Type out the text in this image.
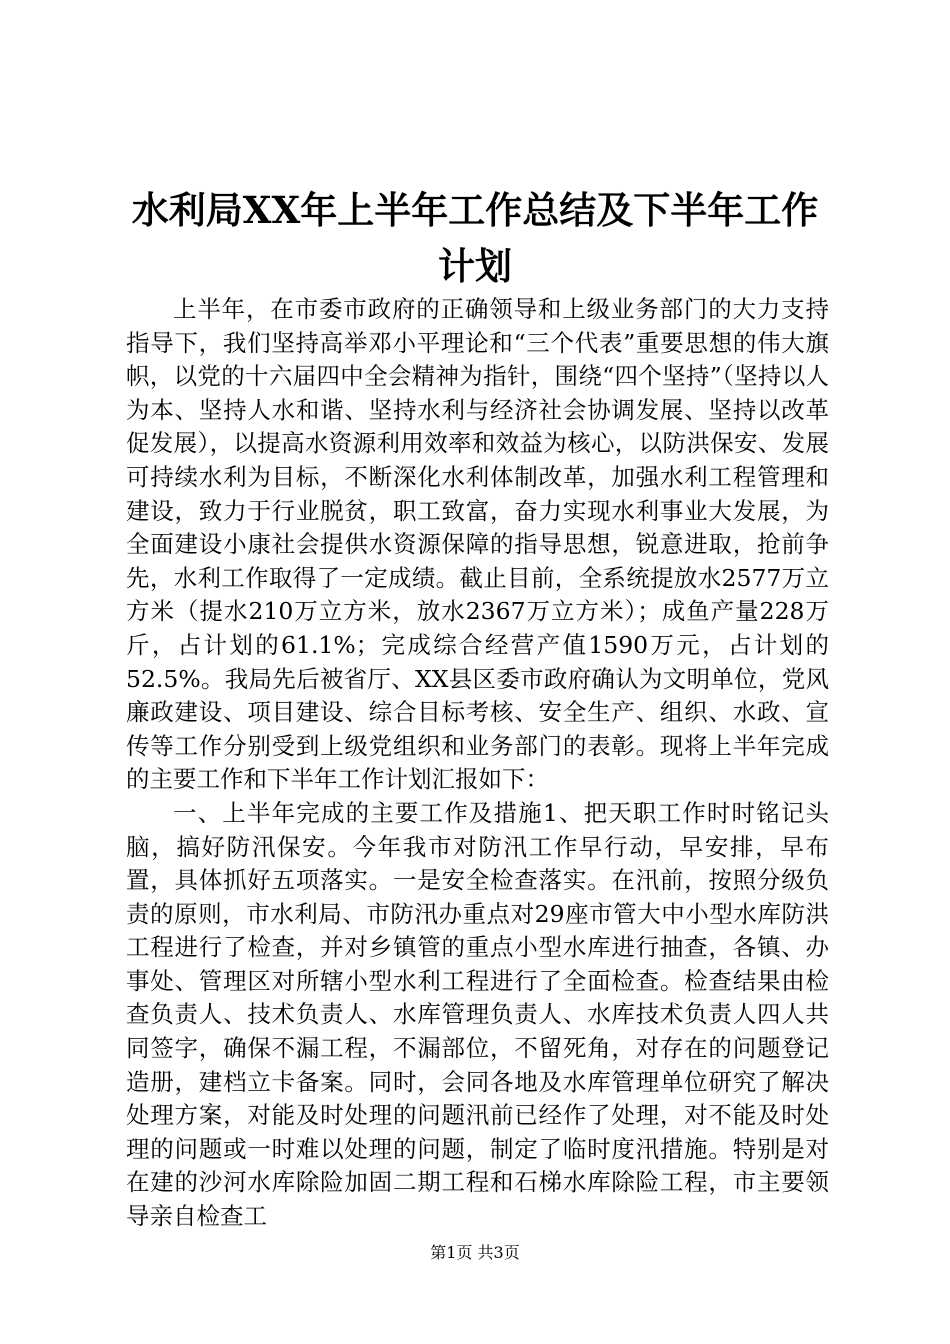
水利局XX年上半年工作总结及下半年工作计划

上半年，在市委市政府的正确领导和上级业务部门的大力支持指导下，我们坚持高举邓小平理论和“三个代表”重要思想的伟大旗帜，以党的十六届四中全会精神为指针，围绕“四个坚持”（坚持以人为本、坚持人水和谐、坚持水利与经济社会协调发展、坚持以改革促发展），以提高水资源利用效率和效益为核心，以防洪保安、发展可持续水利为目标，不断深化水利体制改革，加强水利工程管理和建设，致力于行业脱贫，职工致富，奋力实现水利事业大发展，为全面建设小康社会提供水资源保障的指导思想，锐意进取，抢前争先，水利工作取得了一定成绩。截止目前，全系统提放水2577万立方米（提水210万立方米，放水2367万立方米）；成鱼产量228万斤，占计划的61.1%；完成综合经营产值1590万元，占计划的52.5%。我局先后被省厅、XX县区委市政府确认为文明单位，党风廉政建设、项目建设、综合目标考核、安全生产、组织、水政、宣传等工作分别受到上级党组织和业务部门的表彰。现将上半年完成的主要工作和下半年工作计划汇报如下：

一、上半年完成的主要工作及措施1、把天职工作时时铭记头脑，搞好防汛保安。今年我市对防汛工作早行动，早安排，早布置，具体抓好五项落实。一是安全检查落实。在汛前，按照分级负责的原则，市水利局、市防汛办重点对29座市管大中小型水库防洪工程进行了检查，并对乡镇管的重点小型水库进行抽查，各镇、办事处、管理区对所辖小型水利工程进行了全面检查。检查结果由检查负责人、技术负责人、水库管理负责人、水库技术负责人四人共同签字，确保不漏工程，不漏部位，不留死角，对存在的问题登记造册，建档立卡备案。同时，会同各地及水库管理单位研究了解决处理方案，对能及时处理的问题汛前已经作了处理，对不能及时处理的问题或一时难以处理的问题，制定了临时度汛措施。特别是对在建的沙河水库除险加固二期工程和石梯水库除险工程，市主要领导亲自检查工

第1页 共3页
